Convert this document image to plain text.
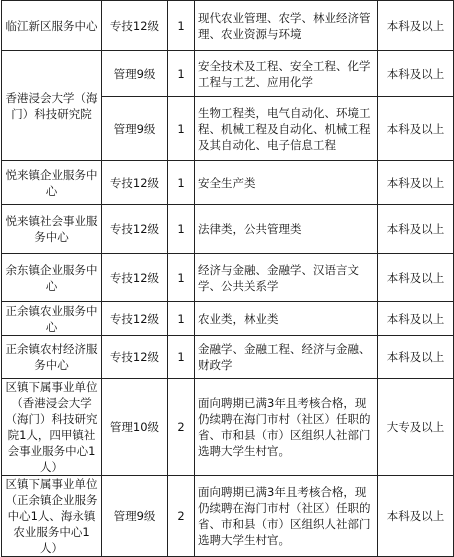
临江新区服务中心	专技12级	1	现代农业管理、农学、林业经济管理、农业资源与环境	本科及以上
香港浸会大学（海门）科技研究院	管理9级	1	安全技术及工程、安全工程、化学工程与工艺、应用化学	本科及以上
	管理9级	1	生物工程类，电气自动化、环境工程、机械工程及自动化、机械工程及其自动化、电子信息工程	本科及以上
悦来镇企业服务中心	专技12级	1	安全生产类	本科及以上
悦来镇社会事业服务中心	专技12级	1	法律类，公共管理类	本科及以上
余东镇企业服务中心	专技12级	1	经济与金融、金融学、汉语言文学、公共关系学	本科及以上
正余镇农业服务中心	专技12级	1	农业类，林业类	本科及以上
正余镇农村经济服务中心	专技12级	1	金融学、金融工程、经济与金融、财政学	本科及以上
区镇下属事业单位（香港浸会大学（海门）科技研究院1人，四甲镇社会事业服务中心1人）	管理10级	2	面向聘期已满3年且考核合格，现仍续聘在海门市村（社区）任职的省、市和县（市）区组织人社部门选聘大学生村官。	大专及以上
区镇下属事业单位（正余镇企业服务中心1人、海永镇农业服务中心1人）	管理9级	2	面向聘期已满3年且考核合格，现仍续聘在海门市村（社区）任职的省、市和县（市）区组织人社部门选聘大学生村官。	本科及以上
